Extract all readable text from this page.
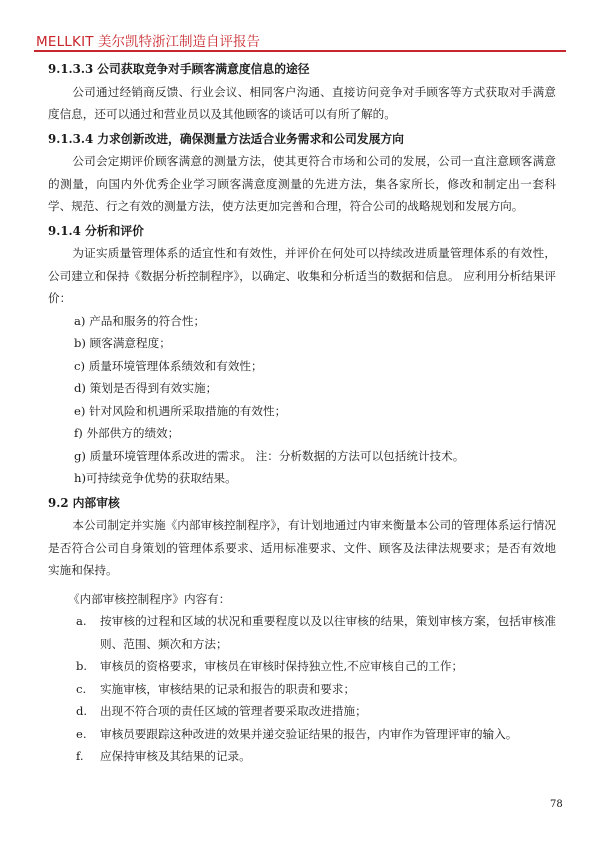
MELLKIT 美尔凯特浙江制造自评报告
9.1.3.3 公司获取竞争对手顾客满意度信息的途径
公司通过经销商反馈、行业会议、相同客户沟通、直接访问竞争对手顾客等方式获取对手满意度信息，还可以通过和营业员以及其他顾客的谈话可以有所了解的。
9.1.3.4 力求创新改进，确保测量方法适合业务需求和公司发展方向
公司会定期评价顾客满意的测量方法，使其更符合市场和公司的发展，公司一直注意顾客满意的测量，向国内外优秀企业学习顾客满意度测量的先进方法，集各家所长，修改和制定出一套科学、规范、行之有效的测量方法，使方法更加完善和合理，符合公司的战略规划和发展方向。
9.1.4 分析和评价
为证实质量管理体系的适宜性和有效性，并评价在何处可以持续改进质量管理体系的有效性，公司建立和保持《数据分析控制程序》，以确定、收集和分析适当的数据和信息。 应利用分析结果评价：
a) 产品和服务的符合性；
b) 顾客满意程度；
c) 质量环境管理体系绩效和有效性；
d) 策划是否得到有效实施；
e) 针对风险和机遇所采取措施的有效性；
f) 外部供方的绩效；
g) 质量环境管理体系改进的需求。 注：分析数据的方法可以包括统计技术。
h)可持续竞争优势的获取结果。
9.2 内部审核
本公司制定并实施《内部审核控制程序》，有计划地通过内审来衡量本公司的管理体系运行情况是否符合公司自身策划的管理体系要求、适用标准要求、文件、顾客及法律法规要求；是否有效地实施和保持。
《内部审核控制程序》内容有：
a.	按审核的过程和区域的状况和重要程度以及以往审核的结果，策划审核方案，包括审核准则、范围、频次和方法；
b.	审核员的资格要求，审核员在审核时保持独立性,不应审核自己的工作；
c.	实施审核，审核结果的记录和报告的职责和要求；
d.	出现不符合项的责任区域的管理者要采取改进措施；
e.	审核员要跟踪这种改进的效果并递交验证结果的报告，内审作为管理评审的输入。
f.	应保持审核及其结果的记录。
78
